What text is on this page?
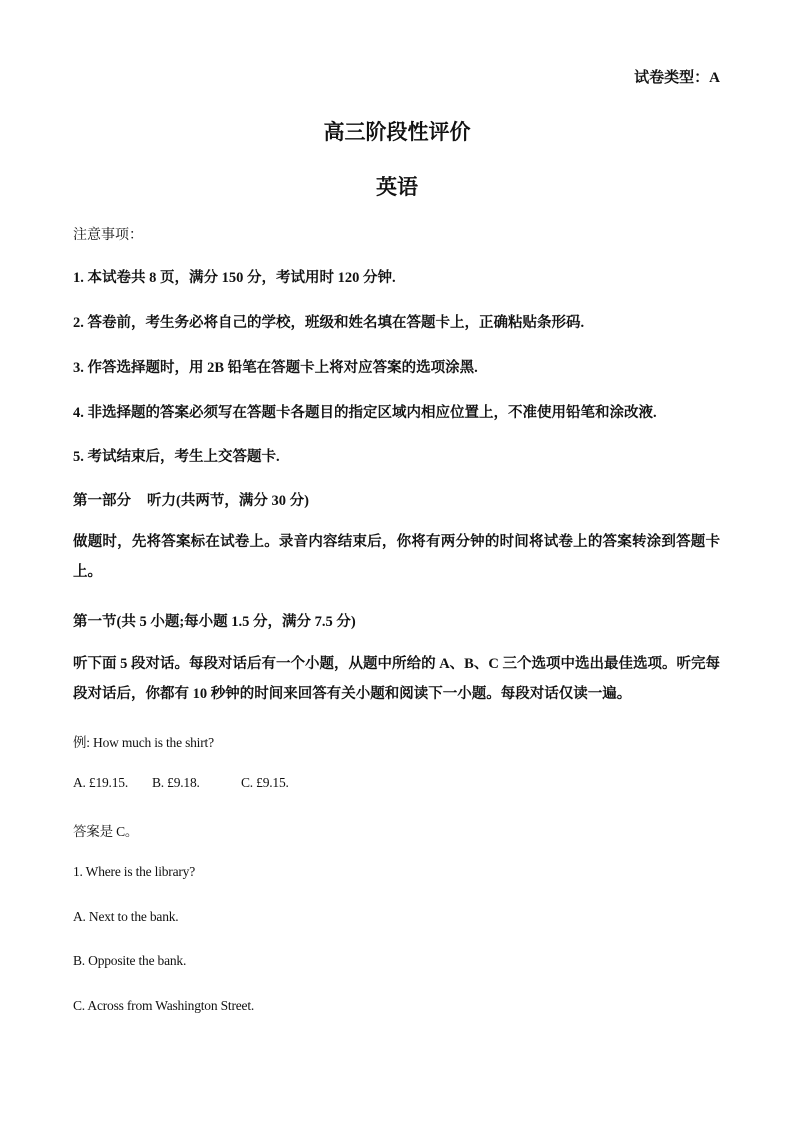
试卷类型：A
高三阶段性评价
英语
注意事项：
1. 本试卷共 8 页，满分 150 分，考试用时 120 分钟.
2. 答卷前，考生务必将自己的学校，班级和姓名填在答题卡上，正确粘贴条形码.
3. 作答选择题时，用 2B 铅笔在答题卡上将对应答案的选项涂黑.
4. 非选择题的答案必须写在答题卡各题目的指定区域内相应位置上，不准使用铅笔和涂改液.
5. 考试结束后，考生上交答题卡.
第一部分 听力(共两节，满分 30 分)
做题时，先将答案标在试卷上。录音内容结束后，你将有两分钟的时间将试卷上的答案转涂到答题卡上。
第一节(共 5 小题;每小题 1.5 分，满分 7.5 分)
听下面 5 段对话。每段对话后有一个小题，从题中所给的 A、B、C 三个选项中选出最佳选项。听完每段对话后，你都有 10 秒钟的时间来回答有关小题和阅读下一小题。每段对话仅读一遍。
例: How much is the shirt?
A. £19.15. B. £9.18.	C. £9.15.
答案是 C。
1. Where is the library?
A. Next to the bank.
B. Opposite the bank.
C. Across from Washington Street.
